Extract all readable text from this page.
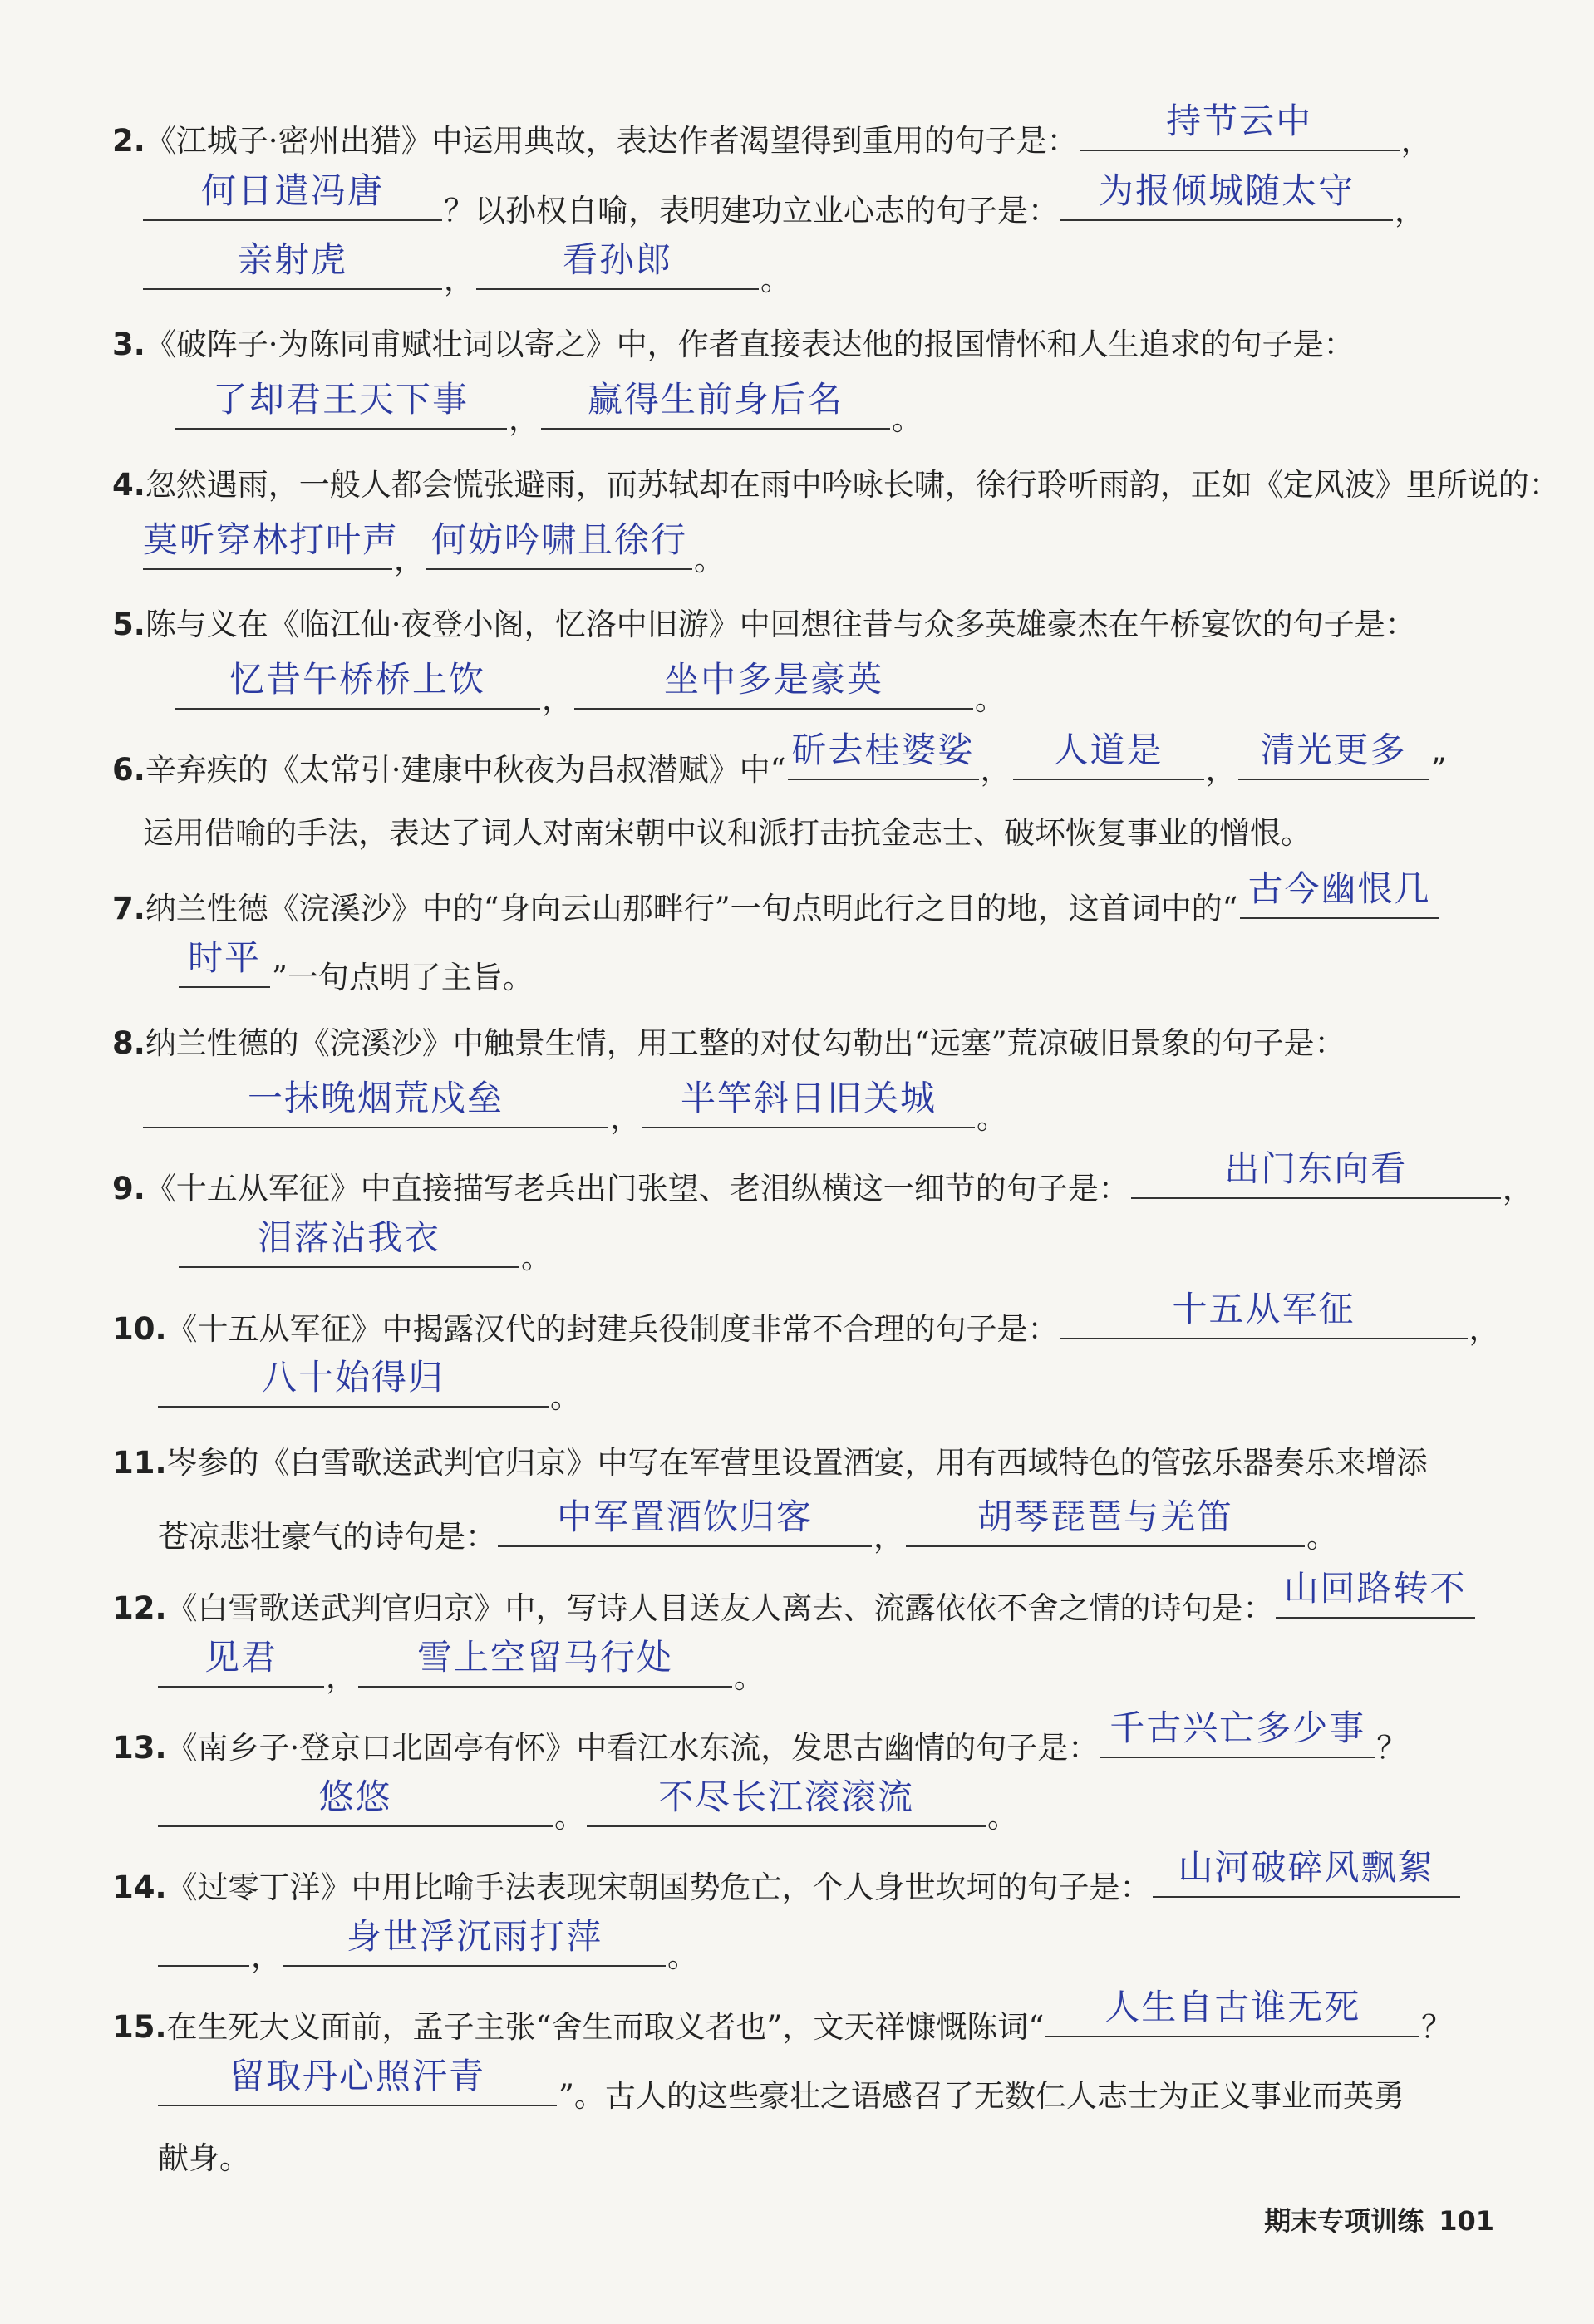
2.《江城子·密州出猎》中运用典故，表达作者渴望得到重用的句子是：	持节云中	，
何日遣冯唐	？以孙权自喻，表明建功立业心志的句子是：	为报倾城随太守	，
亲射虎	，	看孙郎	。
3.《破阵子·为陈同甫赋壮词以寄之》中，作者直接表达他的报国情怀和人生追求的句子是：
了却君王天下事	，	赢得生前身后名	。
4.忽然遇雨，一般人都会慌张避雨，而苏轼却在雨中吟咏长啸，徐行聆听雨韵，正如《定风波》里所说的：
莫听穿林打叶声
， 何妨吟啸且徐行 。
5.陈与义在《临江仙·夜登小阁，忆洛中旧游》中回想往昔与众多英雄豪杰在午桥宴饮的句子是：
忆昔午桥桥上饮	，	坐中多是豪英	。
6.辛弃疾的《太常引·建康中秋夜为吕叔潜赋》中“ 斫去桂婆娑 ，	人道是	， 清光更多 ”
运用借喻的手法，表达了词人对南宋朝中议和派打击抗金志士、破坏恢复事业的憎恨。
7.纳兰性德《浣溪沙》中的“身向云山那畔行”一句点明此行之目的地，这首词中的“ 古今幽恨几
时平 ”一句点明了主旨。
8.纳兰性德的《浣溪沙》中触景生情，用工整的对仗勾勒出“远塞”荒凉破旧景象的句子是：
一抹晚烟荒戍垒	，	半竿斜日旧关城	。
9.《十五从军征》中直接描写老兵出门张望、老泪纵横这一细节的句子是：	出门东向看	，
泪落沾我衣	。
10.《十五从军征》中揭露汉代的封建兵役制度非常不合理的句子是：	十五从军征	，
八十始得归	。
11.岑参的《白雪歌送武判官归京》中写在军营里设置酒宴，用有西域特色的管弦乐器奏乐来增添
苍凉悲壮豪气的诗句是：	中军置酒饮归客	，	胡琴琵琶与羌笛	。
12.《白雪歌送武判官归京》中，写诗人目送友人离去、流露依依不舍之情的诗句是： 山回路转不
见君	，	雪上空留马行处	。
13.《南乡子·登京口北固亭有怀》中看江水东流，发思古幽情的句子是： 千古兴亡多少事 ？
悠悠	。	不尽长江滚滚流	。
14.《过零丁洋》中用比喻手法表现宋朝国势危亡，个人身世坎坷的句子是： 山河破碎风飘絮
，	身世浮沉雨打萍	。
15.在生死大义面前，孟子主张“舍生而取义者也”，文天祥慷慨陈词“	人生自古谁无死	？
留取丹心照汗青	”。古人的这些豪壮之语感召了无数仁人志士为正义事业而英勇
献身。
期末专项训练 101
